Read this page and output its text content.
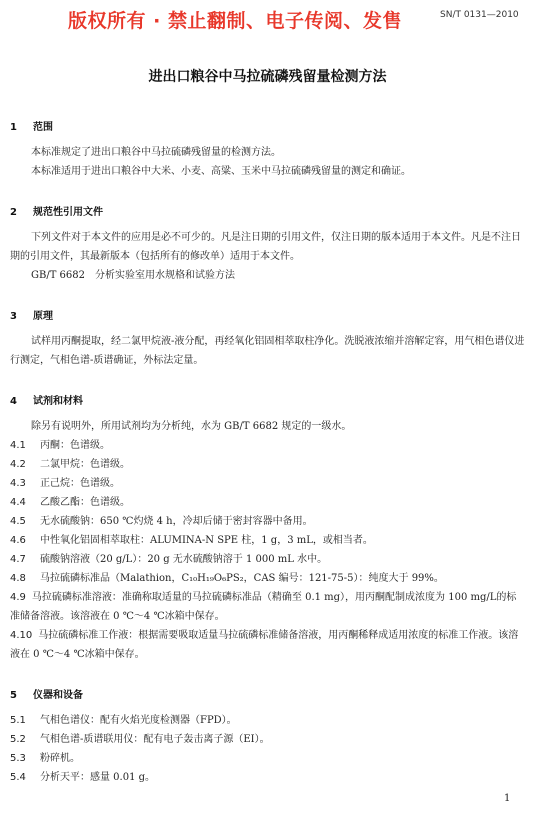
版权所有 · 禁止翻制、电子传阅、发售	SN/T 0131—2010
进出口粮谷中马拉硫磷残留量检测方法
1 范围

本标准规定了进出口粮谷中马拉硫磷残留量的检测方法。

本标准适用于进出口粮谷中大米、小麦、高粱、玉米中马拉硫磷残留量的测定和确证。

2 规范性引用文件

下列文件对于本文件的应用是必不可少的。凡是注日期的引用文件，仅注日期的版本适用于本文件。凡是不注日期的引用文件，其最新版本（包括所有的修改单）适用于本文件。

GB/T 6682　分析实验室用水规格和试验方法

3 原理

试样用丙酮提取，经二氯甲烷液-液分配，再经氧化铝固相萃取柱净化。洗脱液浓缩并溶解定容，用气相色谱仪进行测定，气相色谱-质谱确证，外标法定量。

4 试剂和材料

除另有说明外，所用试剂均为分析纯，水为 GB/T 6682 规定的一级水。

4.1	丙酮：色谱级。
4.2	二氯甲烷：色谱级。
4.3	正己烷：色谱级。
4.4	乙酸乙酯：色谱级。
4.5	无水硫酸钠：650 ℃灼烧 4 h，冷却后储于密封容器中备用。
4.6	中性氧化铝固相萃取柱：ALUMINA-N SPE 柱，1 g，3 mL，或相当者。
4.7	硫酸钠溶液（20 g/L）：20 g 无水硫酸钠溶于 1 000 mL 水中。
4.8	马拉硫磷标准品（Malathion，C₁₀H₁₉O₆PS₂，CAS 编号：121-75-5）：纯度大于 99%。
4.9 马拉硫磷标准溶液：准确称取适量的马拉硫磷标准品（精确至 0.1 mg），用丙酮配制成浓度为 100 mg/L的标准储备溶液。该溶液在 0 ℃～4 ℃冰箱中保存。
4.10 马拉硫磷标准工作液：根据需要吸取适量马拉硫磷标准储备溶液，用丙酮稀释成适用浓度的标准工作液。该溶液在 0 ℃～4 ℃冰箱中保存。
5 仪器和设备
5.1	气相色谱仪：配有火焰光度检测器（FPD）。
5.2	气相色谱-质谱联用仪：配有电子轰击离子源（EI）。
5.3	粉碎机。
5.4	分析天平：感量 0.01 g。
1
